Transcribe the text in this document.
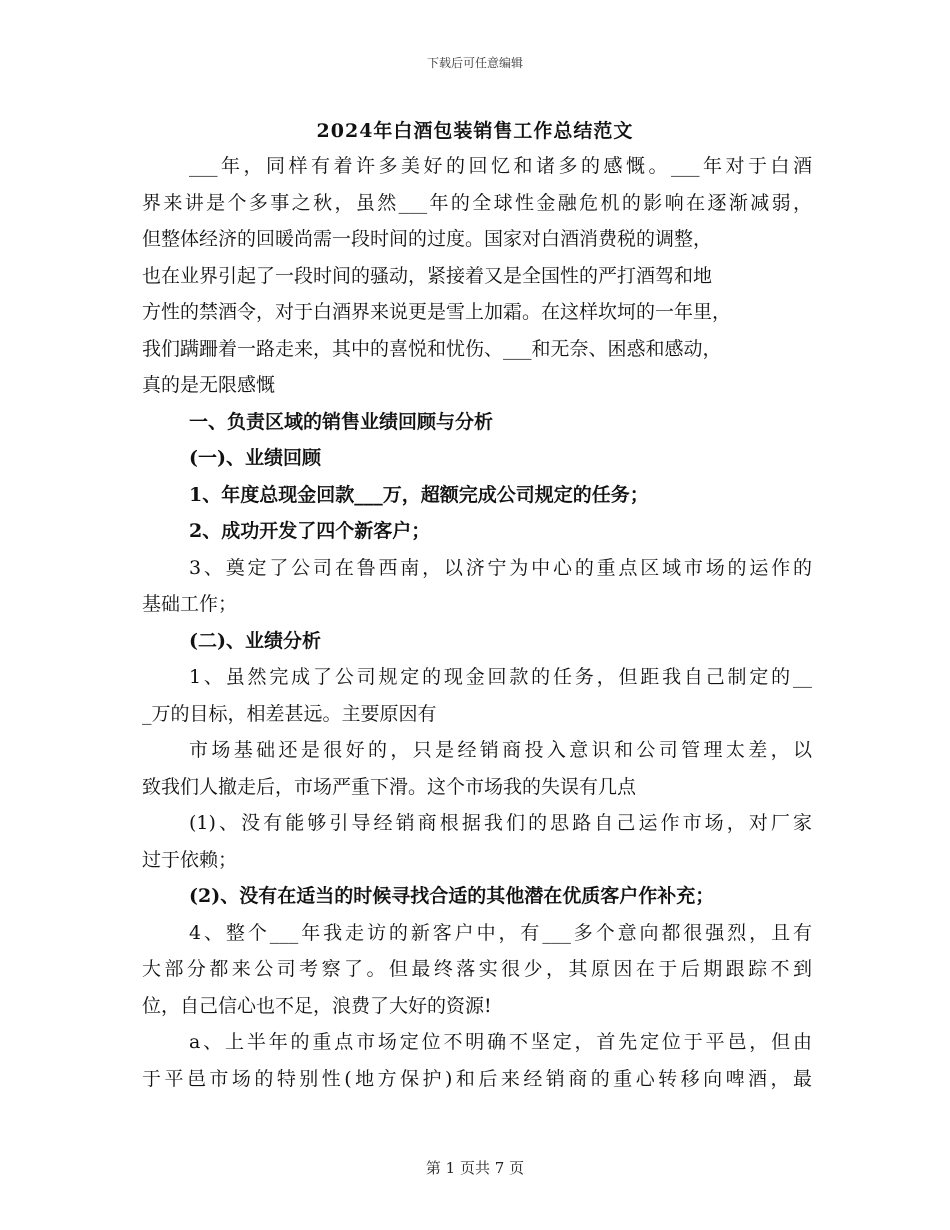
下载后可任意编辑
2024年白酒包装销售工作总结范文
___年，同样有着许多美好的回忆和诸多的感慨。___年对于白酒
界来讲是个多事之秋，虽然___年的全球性金融危机的影响在逐渐减弱，
但整体经济的回暖尚需一段时间的过度。国家对白酒消费税的调整，
也在业界引起了一段时间的骚动，紧接着又是全国性的严打酒驾和地
方性的禁酒令，对于白酒界来说更是雪上加霜。在这样坎坷的一年里，
我们蹒跚着一路走来，其中的喜悦和忧伤、___和无奈、困惑和感动，
真的是无限感慨
一、负责区域的销售业绩回顾与分析
(一)、业绩回顾
1、年度总现金回款___万，超额完成公司规定的任务；
2、成功开发了四个新客户；
3、奠定了公司在鲁西南，以济宁为中心的重点区域市场的运作的
基础工作；
(二)、业绩分析
1、虽然完成了公司规定的现金回款的任务，但距我自己制定的__
_万的目标，相差甚远。主要原因有
市场基础还是很好的，只是经销商投入意识和公司管理太差，以
致我们人撤走后，市场严重下滑。这个市场我的失误有几点
(1)、没有能够引导经销商根据我们的思路自己运作市场，对厂家
过于依赖；
(2)、没有在适当的时候寻找合适的其他潜在优质客户作补充；
4、整个___年我走访的新客户中，有___多个意向都很强烈，且有
大部分都来公司考察了。但最终落实很少，其原因在于后期跟踪不到
位，自己信心也不足，浪费了大好的资源!
a、上半年的重点市场定位不明确不坚定，首先定位于平邑，但由
于平邑市场的特别性(地方保护)和后来经销商的重心转移向啤酒，最
第 1 页共 7 页
